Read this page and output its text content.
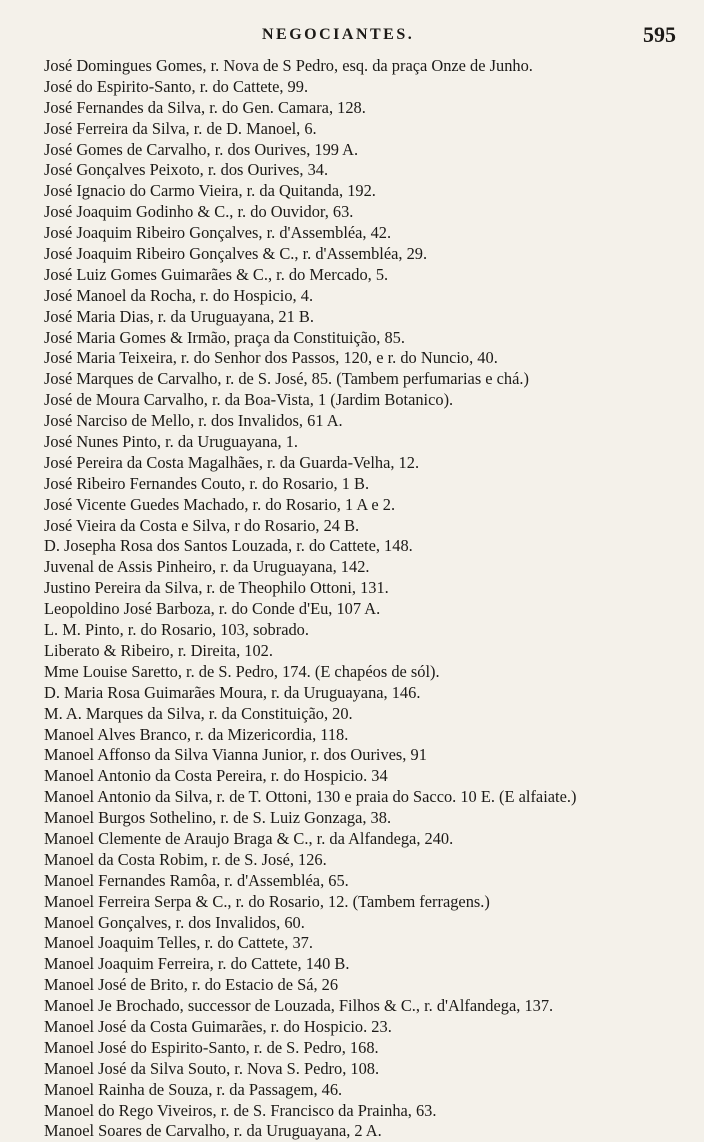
NEGOCIANTES.	595
José Domingues Gomes, r. Nova de S Pedro, esq. da praça Onze de Junho.
José do Espirito-Santo, r. do Cattete, 99.
José Fernandes da Silva, r. do Gen. Camara, 128.
José Ferreira da Silva, r. de D. Manoel, 6.
José Gomes de Carvalho, r. dos Ourives, 199 A.
José Gonçalves Peixoto, r. dos Ourives, 34.
José Ignacio do Carmo Vieira, r. da Quitanda, 192.
José Joaquim Godinho & C., r. do Ouvidor, 63.
José Joaquim Ribeiro Gonçalves, r. d'Assembléa, 42.
José Joaquim Ribeiro Gonçalves & C., r. d'Assembléa, 29.
José Luiz Gomes Guimarães & C., r. do Mercado, 5.
José Manoel da Rocha, r. do Hospicio, 4.
José Maria Dias, r. da Uruguayana, 21 B.
José Maria Gomes & Irmão, praça da Constituição, 85.
José Maria Teixeira, r. do Senhor dos Passos, 120, e r. do Nuncio, 40.
José Marques de Carvalho, r. de S. José, 85. (Tambem perfumarias e chá.)
José de Moura Carvalho, r. da Boa-Vista, 1 (Jardim Botanico).
José Narciso de Mello, r. dos Invalidos, 61 A.
José Nunes Pinto, r. da Uruguayana, 1.
José Pereira da Costa Magalhães, r. da Guarda-Velha, 12.
José Ribeiro Fernandes Couto, r. do Rosario, 1 B.
José Vicente Guedes Machado, r. do Rosario, 1 A e 2.
José Vieira da Costa e Silva, r do Rosario, 24 B.
D. Josepha Rosa dos Santos Louzada, r. do Cattete, 148.
Juvenal de Assis Pinheiro, r. da Uruguayana, 142.
Justino Pereira da Silva, r. de Theophilo Ottoni, 131.
Leopoldino José Barboza, r. do Conde d'Eu, 107 A.
L. M. Pinto, r. do Rosario, 103, sobrado.
Liberato & Ribeiro, r. Direita, 102.
Mme Louise Saretto, r. de S. Pedro, 174. (E chapéos de sól).
D. Maria Rosa Guimarães Moura, r. da Uruguayana, 146.
M. A. Marques da Silva, r. da Constituição, 20.
Manoel Alves Branco, r. da Mizericordia, 118.
Manoel Affonso da Silva Vianna Junior, r. dos Ourives, 91
Manoel Antonio da Costa Pereira, r. do Hospicio. 34
Manoel Antonio da Silva, r. de T. Ottoni, 130 e praia do Sacco. 10 E. (E alfaiate.)
Manoel Burgos Sothelino, r. de S. Luiz Gonzaga, 38.
Manoel Clemente de Araujo Braga & C., r. da Alfandega, 240.
Manoel da Costa Robim, r. de S. José, 126.
Manoel Fernandes Ramôa, r. d'Assembléa, 65.
Manoel Ferreira Serpa & C., r. do Rosario, 12. (Tambem ferragens.)
Manoel Gonçalves, r. dos Invalidos, 60.
Manoel Joaquim Telles, r. do Cattete, 37.
Manoel Joaquim Ferreira, r. do Cattete, 140 B.
Manoel José de Brito, r. do Estacio de Sá, 26
Manoel Je Brochado, successor de Louzada, Filhos & C., r. d'Alfandega, 137.
Manoel José da Costa Guimarães, r. do Hospicio. 23.
Manoel José do Espirito-Santo, r. de S. Pedro, 168.
Manoel José da Silva Souto, r. Nova S. Pedro, 108.
Manoel Rainha de Souza, r. da Passagem, 46.
Manoel do Rego Viveiros, r. de S. Francisco da Prainha, 63.
Manoel Soares de Carvalho, r. da Uruguayana, 2 A.
